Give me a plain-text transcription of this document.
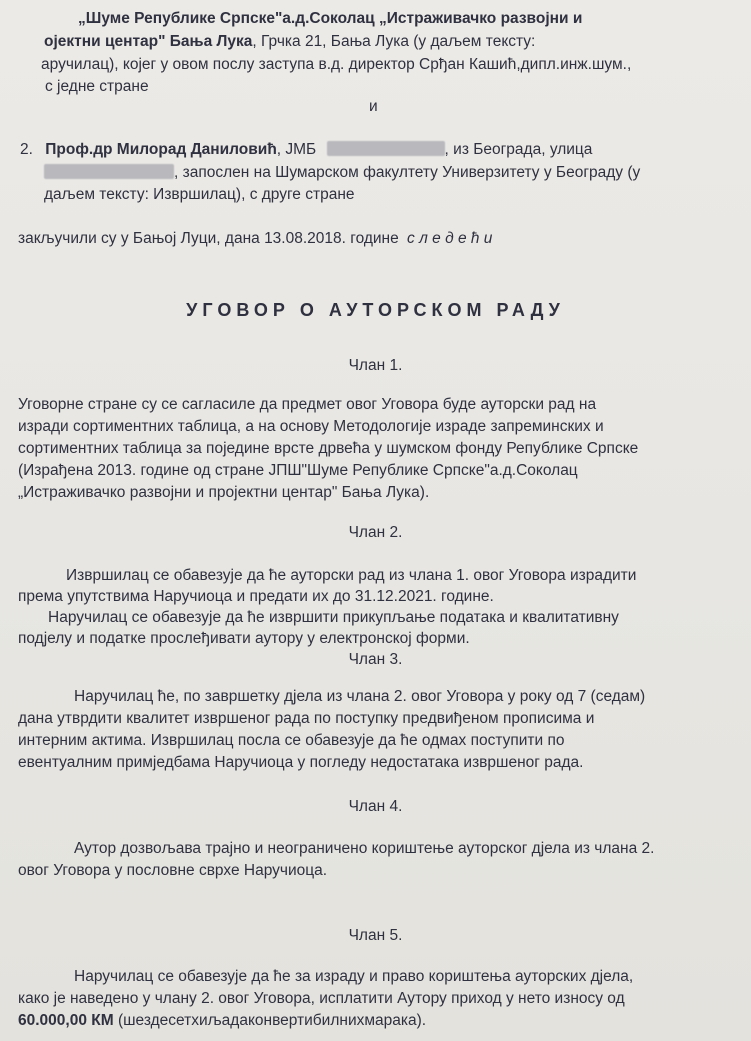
„Шуме Републике Српске"а.д.Соколац „Истраживачко развојни и
ојектни центар" Бања Лука, Грчка 21, Бања Лука (у даљем тексту:
аручилац), којег у овом послу заступа в.д. директор Срђан Кашић,дипл.инж.шум.,
с једне стране
и
2. Проф.др Милорад Даниловић, ЈМБ	, из Београда, улица
, запослен на Шумарском факултету Универзитету у Београду (у
даљем тексту: Извршилац), с друге стране
закључили су у Бањој Луци, дана 13.08.2018. године с л е д е ћ и
УГОВОР О АУТОРСКОМ РАДУ
Члан 1.
Уговорне стране су се сагласиле да предмет овог Уговора буде ауторски рад на
изради сортиментних таблица, а на основу Методологије израде запреминских и
сортиментних таблица за поједине врсте дрвећа у шумском фонду Републике Српске
(Израђена 2013. године од стране ЈПШ"Шуме Републике Српске"а.д.Соколац
„Истраживачко развојни и пројектни центар" Бања Лука).
Члан 2.
Извршилац се обавезује да ће ауторски рад из члана 1. овог Уговора израдити
према упутствима Наручиоца и предати их до 31.12.2021. године.
Наручилац се обавезује да ће извршити прикупљање података и квалитативну
подјелу и податке прослеђивати аутору у електронској форми.
Члан 3.
Наручилац ће, по завршетку дјела из члана 2. овог Уговора у року од 7 (седам)
дана утврдити квалитет извршеног рада по поступку предвиђеном прописима и
интерним актима. Извршилац посла се обавезује да ће одмах поступити по
евентуалним примједбама Наручиоца у погледу недостатака извршеног рада.
Члан 4.
Аутор дозвољава трајно и неограничено кориштење ауторског дјела из члана 2.
овог Уговора у пословне сврхе Наручиоца.
Члан 5.
Наручилац се обавезује да ће за израду и право кориштења ауторских дјела,
како је наведено у члану 2. овог Уговора, исплатити Аутору приход у нето износу од
60.000,00 КМ (шездесетхиљадаконвертибилнихмарака).
